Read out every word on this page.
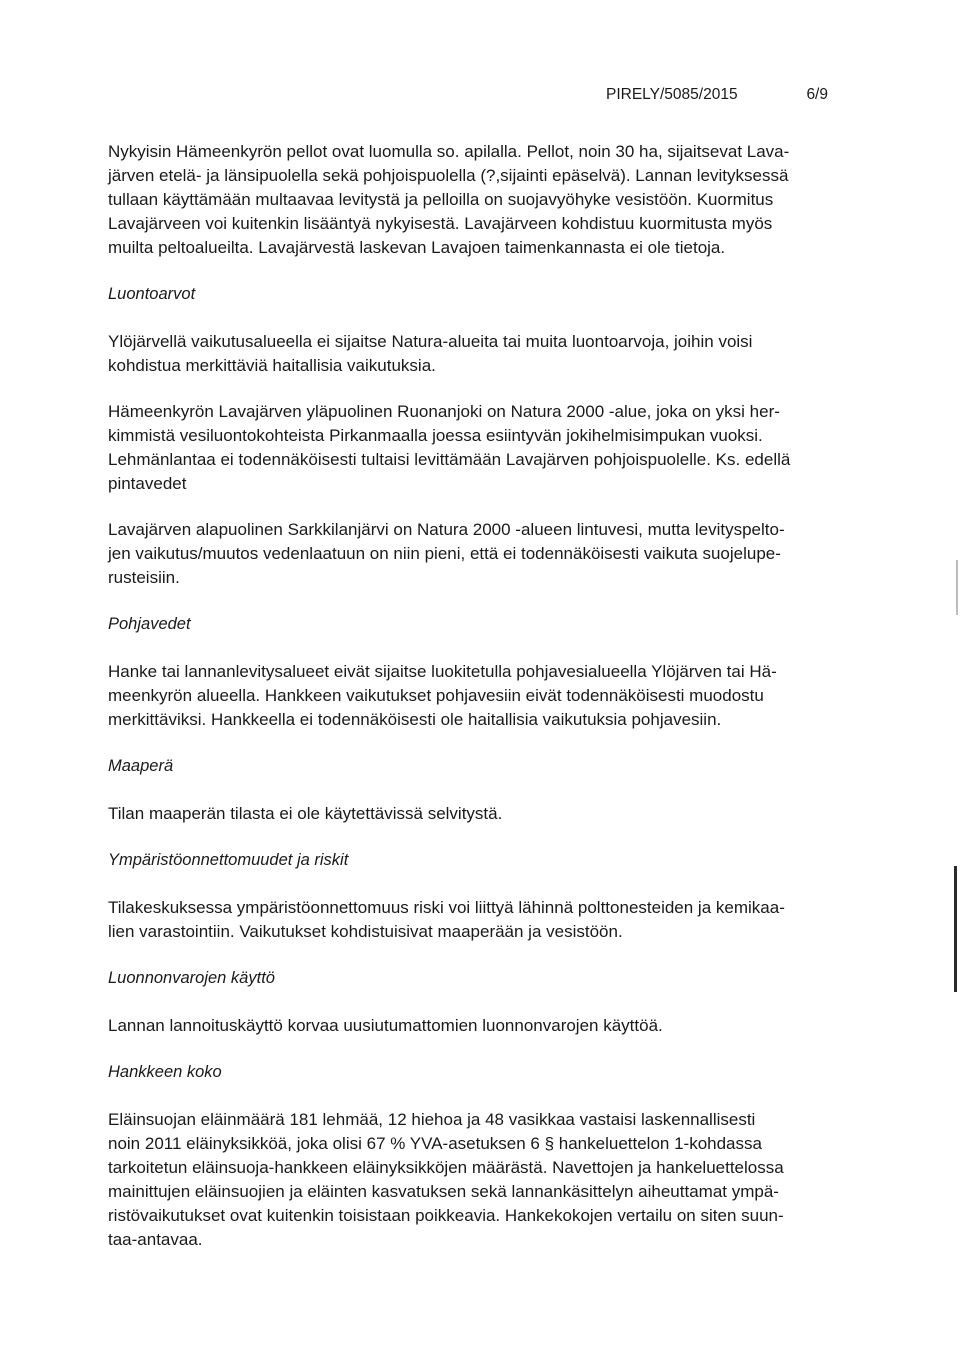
PIRELY/5085/2015	6/9

Nykyisin Hämeenkyrön pellot ovat luomulla so. apilalla. Pellot, noin 30 ha, sijaitsevat Lava-
järven etelä- ja länsipuolella sekä pohjoispuolella (?,sijainti epäselvä). Lannan levityksessä
tullaan käyttämään multaavaa levitystä ja pelloilla on suojavyöhyke vesistöön. Kuormitus
Lavajärveen voi kuitenkin lisääntyä nykyisestä. Lavajärveen kohdistuu kuormitusta myös
muilta peltoalueilta. Lavajärvestä laskevan Lavajoen taimenkannasta ei ole tietoja.

Luontoarvot

Ylöjärvellä vaikutusalueella ei sijaitse Natura-alueita tai muita luontoarvoja, joihin voisi
kohdistua merkittäviä haitallisia vaikutuksia.

Hämeenkyrön Lavajärven yläpuolinen Ruonanjoki on Natura 2000 -alue, joka on yksi her-
kimmistä vesiluontokohteista Pirkanmaalla joessa esiintyvän jokihelmisimpukan vuoksi.
Lehmänlantaa ei todennäköisesti tultaisi levittämään Lavajärven pohjoispuolelle. Ks. edellä
pintavedet

Lavajärven alapuolinen Sarkkilanjärvi on Natura 2000 -alueen lintuvesi, mutta levityspelto-
jen vaikutus/muutos vedenlaatuun on niin pieni, että ei todennäköisesti vaikuta suojelupe-
rusteisiin.

Pohjavedet

Hanke tai lannanlevitysalueet eivät sijaitse luokitetulla pohjavesialueella Ylöjärven tai Hä-
meenkyrön alueella. Hankkeen vaikutukset pohjavesiin eivät todennäköisesti muodostu
merkittäviksi. Hankkeella ei todennäköisesti ole haitallisia vaikutuksia pohjavesiin.

Maaperä

Tilan maaperän tilasta ei ole käytettävissä selvitystä.

Ympäristöonnettomuudet ja riskit

Tilakeskuksessa ympäristöonnettomuus riski voi liittyä lähinnä polttonesteiden ja kemikaa-
lien varastointiin. Vaikutukset kohdistuisivat maaperään ja vesistöön.

Luonnonvarojen käyttö

Lannan lannoituskäyttö korvaa uusiutumattomien luonnonvarojen käyttöä.

Hankkeen koko

Eläinsuojan eläinmäärä 181 lehmää, 12 hiehoa ja 48 vasikkaa vastaisi laskennallisesti
noin 2011 eläinyksikköä, joka olisi 67 % YVA-asetuksen 6 § hankeluettelon 1-kohdassa
tarkoitetun eläinsuoja-hankkeen eläinyksikköjen määrästä. Navettojen ja hankeluettelossa
mainittujen eläinsuojien ja eläinten kasvatuksen sekä lannankäsittelyn aiheuttamat ympä-
ristövaikutukset ovat kuitenkin toisistaan poikkeavia. Hankekokojen vertailu on siten suun-
taa-antavaa.
